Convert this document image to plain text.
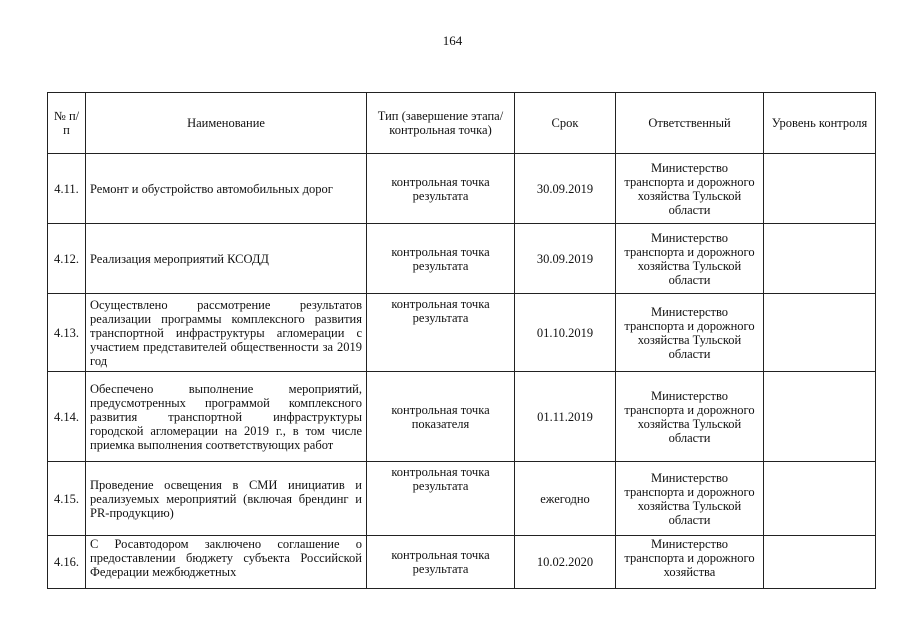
164
№ п/п	Наименование	Тип (завершение этапа/контрольная точка)	Срок	Ответственный	Уровень контроля
4.11.	Ремонт и обустройство автомобильных дорог	контрольная точка результата	30.09.2019	Министерство транспорта и дорожного хозяйства Тульской области	
4.12.	Реализация мероприятий КСОДД	контрольная точка результата	30.09.2019	Министерство транспорта и дорожного хозяйства Тульской области	
4.13.	Осуществлено рассмотрение результатов реализации программы комплексного развития транспортной инфраструктуры агломерации с участием представителей общественности за 2019 год	контрольная точка результата	01.10.2019	Министерство транспорта и дорожного хозяйства Тульской области	
4.14.	Обеспечено выполнение мероприятий, предусмотренных программой комплексного развития транспортной инфраструктуры городской агломерации на 2019 г., в том числе приемка выполнения соответствующих работ	контрольная точка показателя	01.11.2019	Министерство транспорта и дорожного хозяйства Тульской области	
4.15.	Проведение освещения в СМИ инициатив и реализуемых мероприятий (включая брендинг и PR-продукцию)	контрольная точка результата	ежегодно	Министерство транспорта и дорожного хозяйства Тульской области	
4.16.	С Росавтодором заключено соглашение о предоставлении бюджету субъекта Российской Федерации межбюджетных	контрольная точка результата	10.02.2020	Министерство транспорта и дорожного хозяйства	
